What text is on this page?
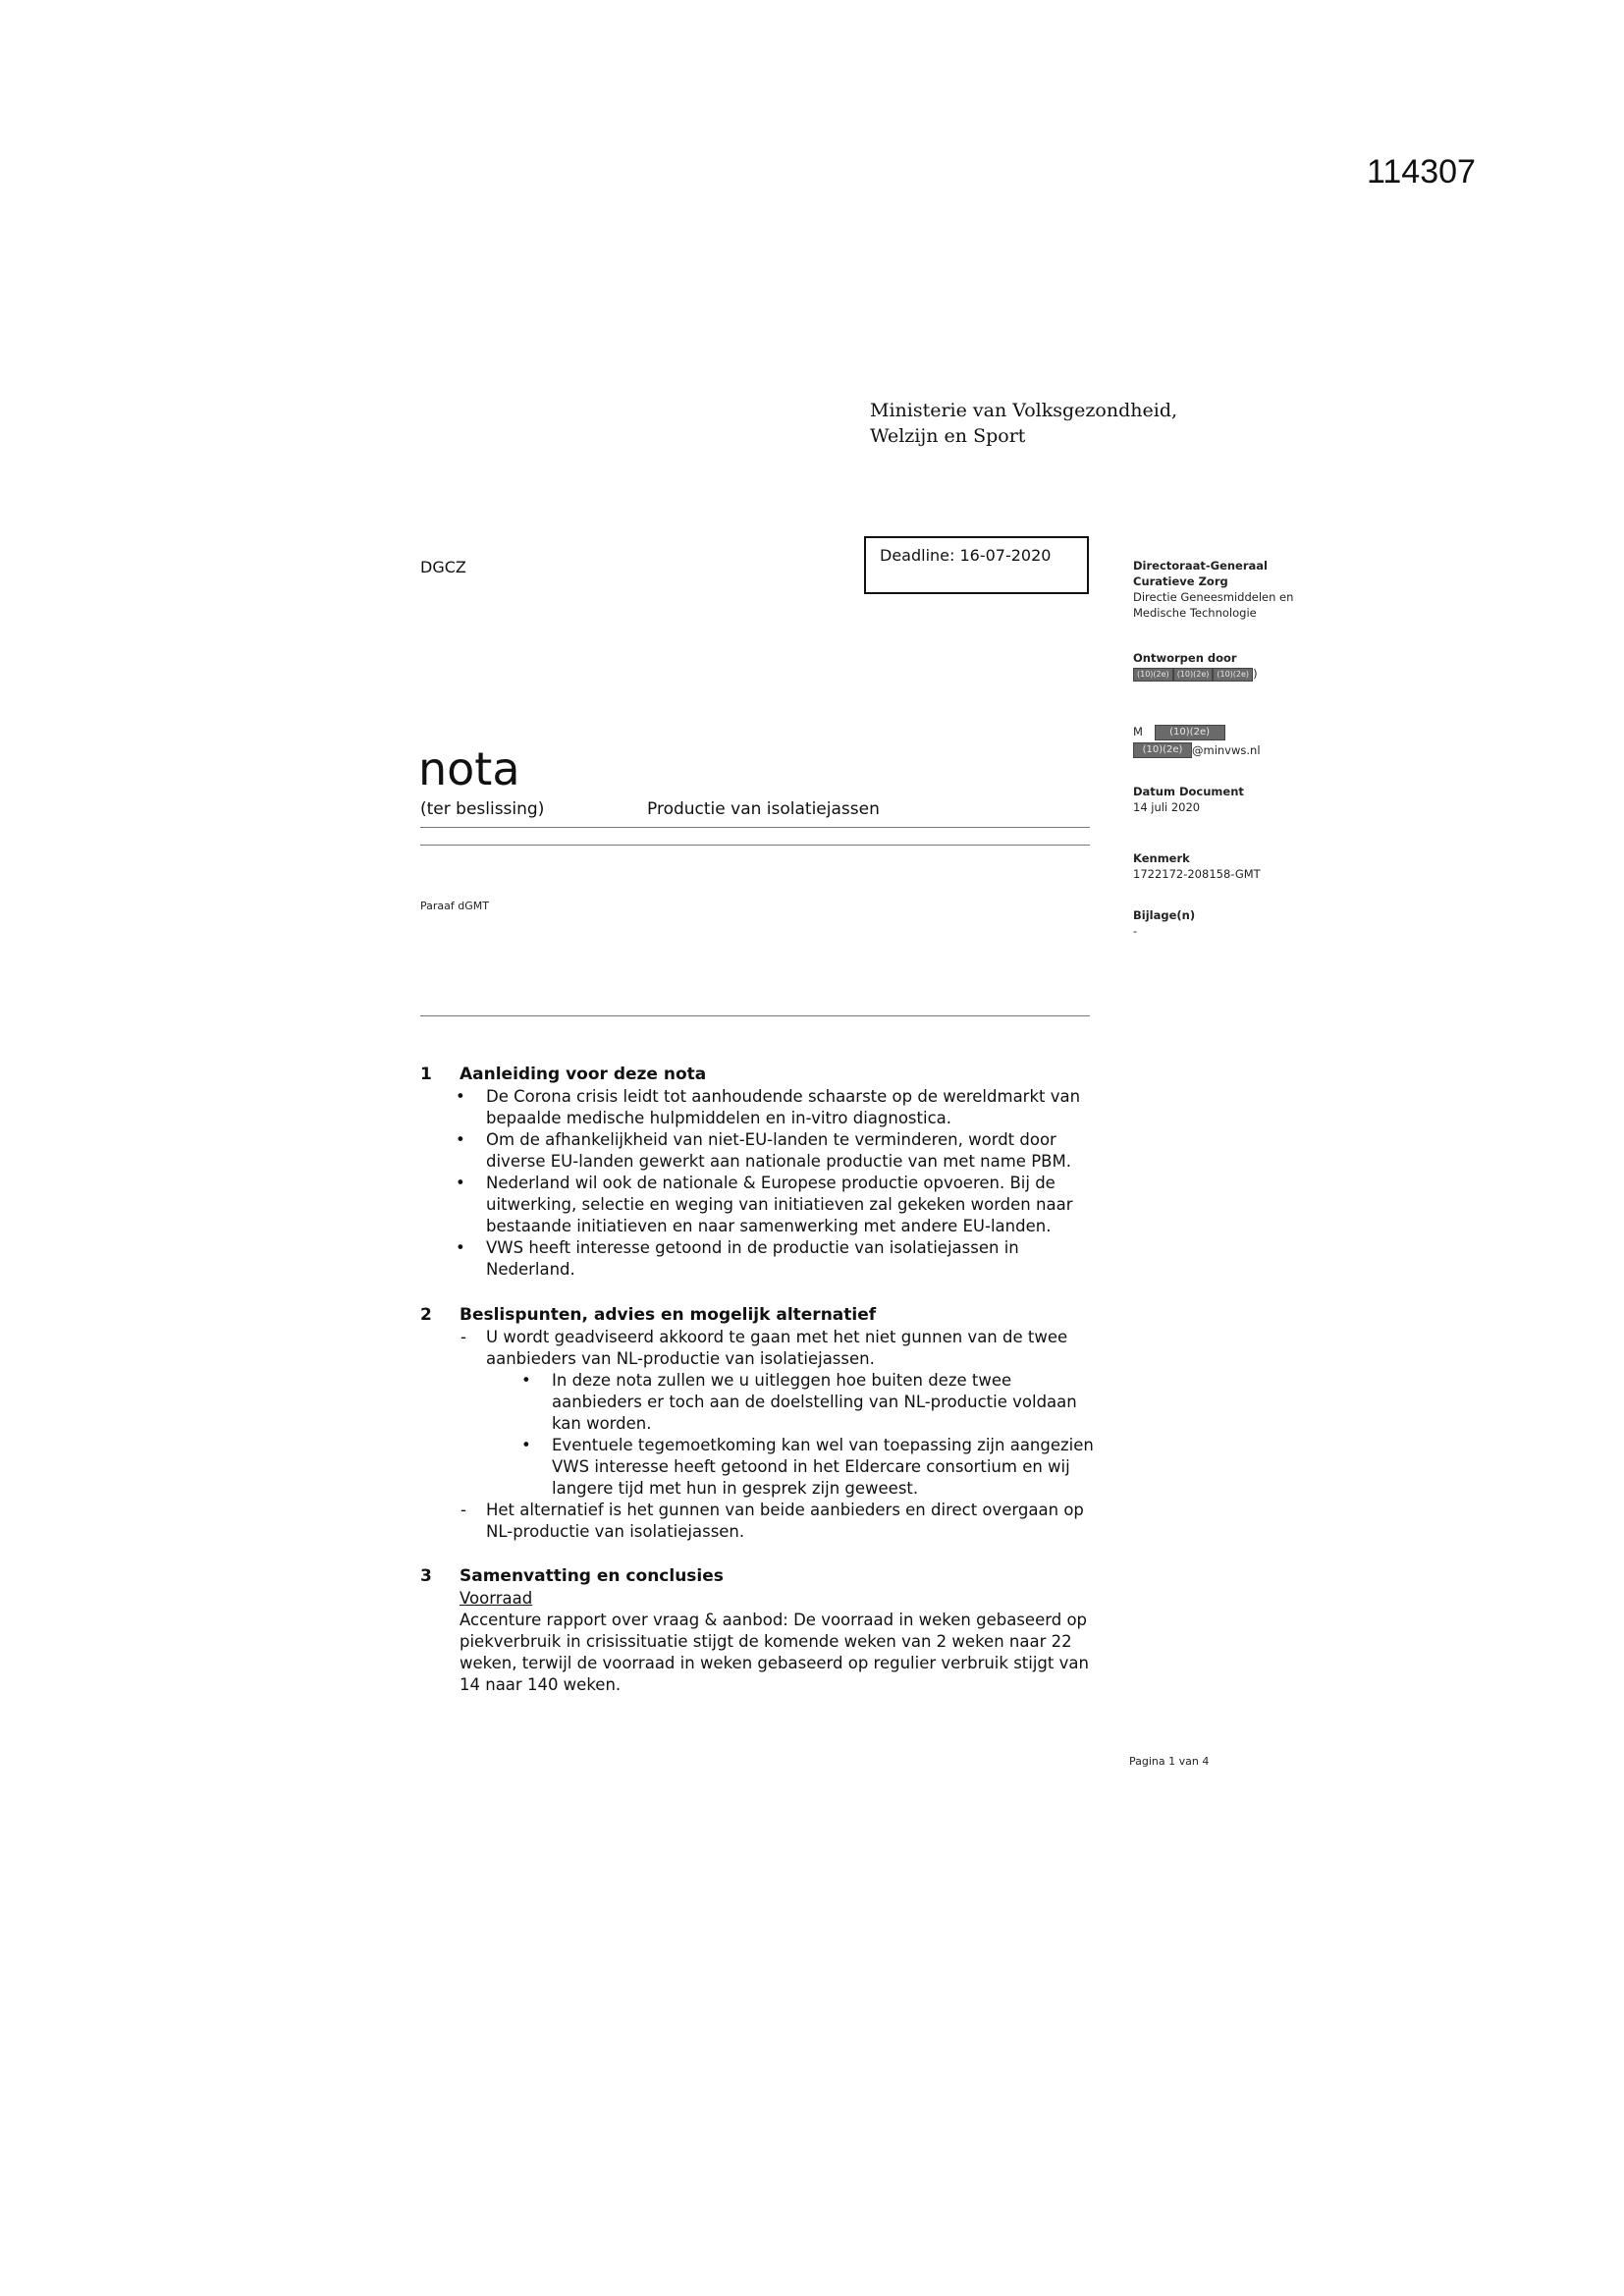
114307
Ministerie van Volksgezondheid,
Welzijn en Sport
DGCZ
Deadline: 16-07-2020
nota
(ter beslissing)	Productie van isolatiejassen
Paraaf dGMT
Directoraat-Generaal
Curatieve Zorg
Directie Geneesmiddelen en
Medische Technologie
Ontworpen door
(10)(2e) (10)(2e) (10)(2e) )
M	(10)(2e)
(10)(2e) @minvws.nl
Datum Document
14 juli 2020
Kenmerk
1722172-208158-GMT
Bijlage(n)
-
1 Aanleiding voor deze nota
• De Corona crisis leidt tot aanhoudende schaarste op de wereldmarkt van
bepaalde medische hulpmiddelen en in-vitro diagnostica.
• Om de afhankelijkheid van niet-EU-landen te verminderen, wordt door
diverse EU-landen gewerkt aan nationale productie van met name PBM.
• Nederland wil ook de nationale & Europese productie opvoeren. Bij de
uitwerking, selectie en weging van initiatieven zal gekeken worden naar
bestaande initiatieven en naar samenwerking met andere EU-landen.
• VWS heeft interesse getoond in de productie van isolatiejassen in
Nederland.
2 Beslispunten, advies en mogelijk alternatief
- U wordt geadviseerd akkoord te gaan met het niet gunnen van de twee
aanbieders van NL-productie van isolatiejassen.
• In deze nota zullen we u uitleggen hoe buiten deze twee
aanbieders er toch aan de doelstelling van NL-productie voldaan
kan worden.
• Eventuele tegemoetkoming kan wel van toepassing zijn aangezien
VWS interesse heeft getoond in het Eldercare consortium en wij
langere tijd met hun in gesprek zijn geweest.
- Het alternatief is het gunnen van beide aanbieders en direct overgaan op
NL-productie van isolatiejassen.
3 Samenvatting en conclusies
Voorraad
Accenture rapport over vraag & aanbod: De voorraad in weken gebaseerd op
piekverbruik in crisissituatie stijgt de komende weken van 2 weken naar 22
weken, terwijl de voorraad in weken gebaseerd op regulier verbruik stijgt van
14 naar 140 weken.
Pagina 1 van 4
